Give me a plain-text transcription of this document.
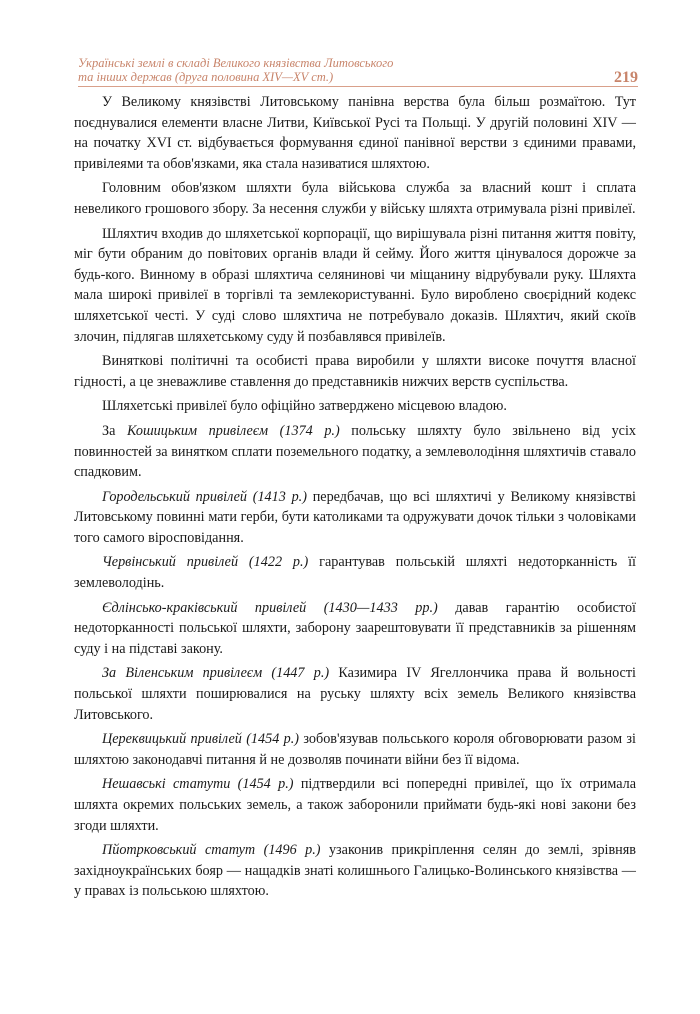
Українські землі в складі Великого князівства Литовського
та інших держав (друга половина XIV—XV ст.)	219

У Великому князівстві Литовському панівна верства була більш розмаїтою. Тут поєднувалися елементи власне Литви, Київської Русі та Польщі. У другій половині XIV — на початку XVI ст. відбувається формування єдиної панівної верстви з єдиними правами, привілеями та обов'язками, яка стала називатися шляхтою.

Головним обов'язком шляхти була військова служба за власний кошт і сплата невеликого грошового збору. За несення служби у війську шляхта отримувала різні привілеї.

Шляхтич входив до шляхетської корпорації, що вирішувала різні питання життя повіту, міг бути обраним до повітових органів влади й сейму. Його життя цінувалося дорожче за будь-кого. Винному в образі шляхтича селянинові чи міщанину відрубували руку. Шляхта мала широкі привілеї в торгівлі та землекористуванні. Було вироблено своєрідний кодекс шляхетської честі. У суді слово шляхтича не потребувало доказів. Шляхтич, який скоїв злочин, підлягав шляхетському суду й позбавлявся привілеїв.

Винятковi політичні та особисті права виробили у шляхти високе почуття власної гідності, а це зневажливе ставлення до представників нижчих верств суспільства.

Шляхетські привілеї було офіційно затверджено місцевою владою.

За Кошицьким привілеєм (1374 р.) польську шляхту було звільнено від усіх повинностей за винятком сплати поземельного податку, а землеволодіння шляхтичів ставало спадковим.

Городельський привілей (1413 р.) передбачав, що всі шляхтичі у Великому князівстві Литовському повинні мати герби, бути католиками та одружувати дочок тільки з чоловіками того самого віросповідання.

Червінський привілей (1422 р.) гарантував польській шляхті недоторканність її землеволодінь.

Єдлінсько-краківський привілей (1430—1433 рр.) давав гарантію особистої недоторканності польської шляхти, заборону заарештовувати її представників за рішенням суду і на підставі закону.

За Віленським привілеєм (1447 р.) Казимира IV Ягеллончика права й вольності польської шляхти поширювалися на руську шляхту всіх земель Великого князівства Литовського.

Цереквицький привілей (1454 р.) зобов'язував польського короля обговорювати разом зі шляхтою законодавчі питання й не дозволяв починати війни без її відома.

Нешавські статути (1454 р.) підтвердили всі попередні привілеї, що їх отримала шляхта окремих польських земель, а також заборонили приймати будь-які нові закони без згоди шляхти.

Пйотрковський статут (1496 р.) узаконив прикріплення селян до землі, зрівняв західноукраїнських бояр — нащадків знаті колишнього Галицько-Волинського князівства — у правах із польською шляхтою.
